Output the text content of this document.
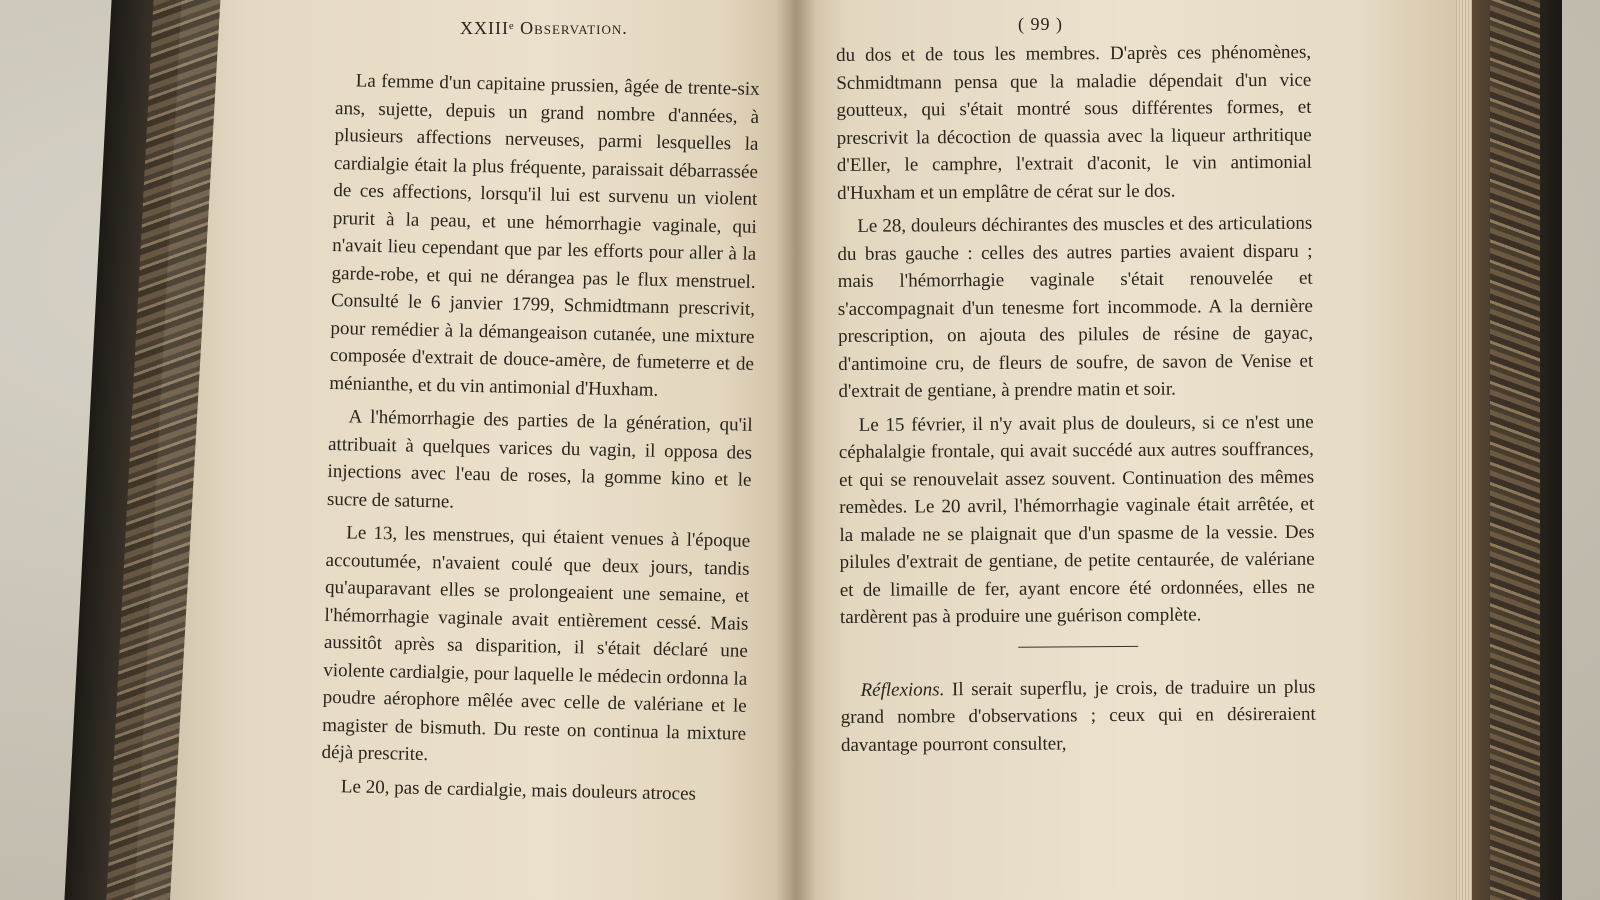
XXIIIᵉ Observation.	( 99 )

La femme d'un capitaine prussien, âgée de trente-six ans, sujette, depuis un grand nombre d'années, à plusieurs affections nerveuses, parmi lesquelles la cardialgie était la plus fréquente, paraissait débarrassée de ces affections, lorsqu'il lui est survenu un violent prurit à la peau, et une hémorrhagie vaginale, qui n'avait lieu cependant que par les efforts pour aller à la garde-robe, et qui ne dérangea pas le flux menstruel. Consulté le 6 janvier 1799, Schmidtmann prescrivit, pour remédier à la démangeaison cutanée, une mixture composée d'extrait de douce-amère, de fumeterre et de ménianthe, et du vin antimonial d'Huxham.

A l'hémorrhagie des parties de la génération, qu'il attribuait à quelques varices du vagin, il opposa des injections avec l'eau de roses, la gomme kino et le sucre de saturne.

Le 13, les menstrues, qui étaient venues à l'époque accoutumée, n'avaient coulé que deux jours, tandis qu'auparavant elles se prolongeaient une semaine, et l'hémorrhagie vaginale avait entièrement cessé. Mais aussitôt après sa disparition, il s'était déclaré une violente cardialgie, pour laquelle le médecin ordonna la poudre aérophore mêlée avec celle de valériane et le magister de bismuth. Du reste on continua la mixture déjà prescrite.

Le 20, pas de cardialgie, mais douleurs atroces

du dos et de tous les membres. D'après ces phénomènes, Schmidtmann pensa que la maladie dépendait d'un vice goutteux, qui s'était montré sous différentes formes, et prescrivit la décoction de quassia avec la liqueur arthritique d'Eller, le camphre, l'extrait d'aconit, le vin antimonial d'Huxham et un emplâtre de cérat sur le dos.

Le 28, douleurs déchirantes des muscles et des articulations du bras gauche : celles des autres parties avaient disparu ; mais l'hémorrhagie vaginale s'était renouvelée et s'accompagnait d'un tenesme fort incommode. A la dernière prescription, on ajouta des pilules de résine de gayac, d'antimoine cru, de fleurs de soufre, de savon de Venise et d'extrait de gentiane, à prendre matin et soir.

Le 15 février, il n'y avait plus de douleurs, si ce n'est une céphalalgie frontale, qui avait succédé aux autres souffrances, et qui se renouvelait assez souvent. Continuation des mêmes remèdes. Le 20 avril, l'hémorrhagie vaginale était arrêtée, et la malade ne se plaignait que d'un spasme de la vessie. Des pilules d'extrait de gentiane, de petite centaurée, de valériane et de limaille de fer, ayant encore été ordonnées, elles ne tardèrent pas à produire une guérison complète.

Réflexions. Il serait superflu, je crois, de traduire un plus grand nombre d'observations ; ceux qui en désireraient davantage pourront consulter,
